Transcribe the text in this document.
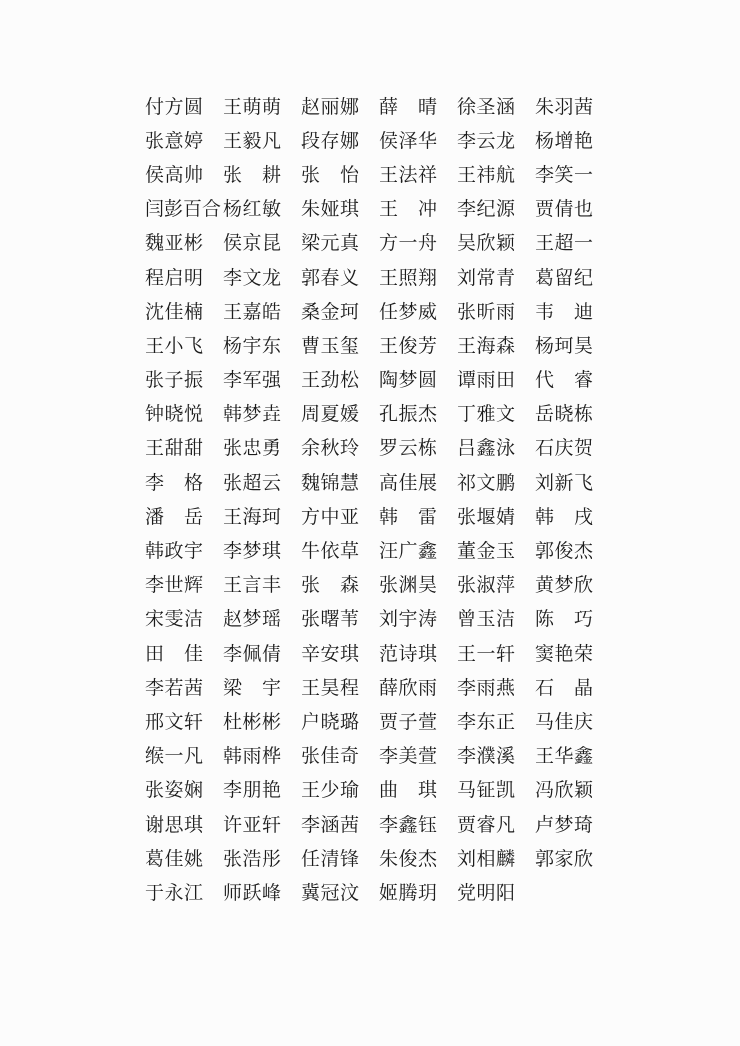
付方圆	王萌萌	赵丽娜	薛　晴	徐圣涵	朱羽茜
张意婷	王毅凡	段存娜	侯泽华	李云龙	杨增艳
侯高帅	张　耕	张　怡	王法祥	王祎航	李笑一
闫彭百合 杨红敏	朱娅琪	王　冲	李纪源	贾倩也
魏亚彬	侯京昆	梁元真	方一舟	吴欣颖	王超一
程启明	李文龙	郭春义	王照翔	刘常青	葛留纪
沈佳楠	王嘉皓	桑金珂	任梦威	张昕雨	韦　迪
王小飞	杨宇东	曹玉玺	王俊芳	王海森	杨珂昊
张子振	李军强	王劲松	陶梦圆	谭雨田	代　睿
钟晓悦	韩梦垚	周夏媛	孔振杰	丁雅文	岳晓栋
王甜甜	张忠勇	余秋玲	罗云栋	吕鑫泳	石庆贺
李　格	张超云	魏锦慧	高佳展	祁文鹏	刘新飞
潘　岳	王海珂	方中亚	韩　雷	张堰婧	韩　戌
韩政宇	李梦琪	牛依草	汪广鑫	董金玉	郭俊杰
李世辉	王言丰	张　森	张渊昊	张淑萍	黄梦欣
宋雯洁	赵梦瑶	张曙苇	刘宇涛	曾玉洁	陈　巧
田　佳	李佩倩	辛安琪	范诗琪	王一轩	窦艳荣
李若茜	梁　宇	王昊程	薛欣雨	李雨燕	石　晶
邢文轩	杜彬彬	户晓璐	贾子萱	李东正	马佳庆
缑一凡	韩雨桦	张佳奇	李美萱	李濮溪	王华鑫
张姿娴	李朋艳	王少瑜	曲　琪	马钲凯	冯欣颖
谢思琪	许亚轩	李涵茜	李鑫钰	贾睿凡	卢梦琦
葛佳姚	张浩彤	任清锋	朱俊杰	刘相麟	郭家欣
于永江	师跃峰	冀冠汶	姬腾玥	党明阳
